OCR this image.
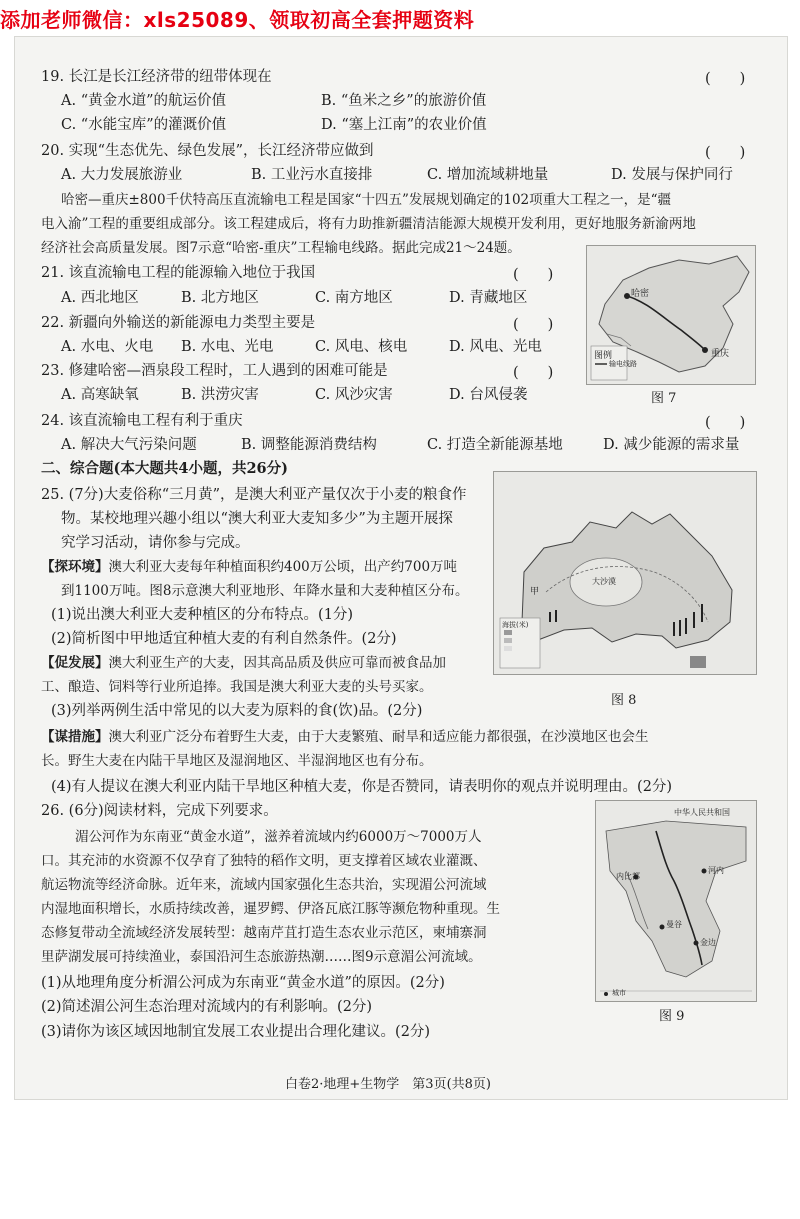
添加老师微信：xls25089、领取初高全套押题资料
19. 长江是长江经济带的纽带体现在	(　　)
A. “黄金水道”的航运价值	B. “鱼米之乡”的旅游价值
C. “水能宝库”的灌溉价值	D. “塞上江南”的农业价值
20. 实现“生态优先、绿色发展”，长江经济带应做到	(　　)
A. 大力发展旅游业	B. 工业污水直接排	C. 增加流域耕地量	D. 发展与保护同行
哈密—重庆±800千伏特高压直流输电工程是国家“十四五”发展规划确定的102项重大工程之一，是“疆
电入渝”工程的重要组成部分。该工程建成后，将有力助推新疆清洁能源大规模开发利用，更好地服务新渝两地
经济社会高质量发展。图7示意“哈密-重庆”工程输电线路。据此完成21～24题。
哈密
重庆
图例
输电线路
图 7
21. 该直流输电工程的能源输入地位于我国	(　　)
A. 西北地区	B. 北方地区	C. 南方地区	D. 青藏地区
22. 新疆向外输送的新能源电力类型主要是	(　　)
A. 水电、火电 B. 水电、光电	C. 风电、核电	D. 风电、光电
23. 修建哈密—酒泉段工程时，工人遇到的困难可能是	(　　)
A. 高寒缺氧	B. 洪涝灾害	C. 风沙灾害	D. 台风侵袭
24. 该直流输电工程有利于重庆	(　　)
A. 解决大气污染问题	B. 调整能源消费结构	C. 打造全新能源基地	D. 减少能源的需求量
二、综合题(本大题共4小题，共26分)
25. (7分)大麦俗称“三月黄”，是澳大利亚产量仅次于小麦的粮食作
物。某校地理兴趣小组以“澳大利亚大麦知多少”为主题开展探
究学习活动，请你参与完成。
【探环境】澳大利亚大麦每年种植面积约400万公顷，出产约700万吨
到1100万吨。图8示意澳大利亚地形、年降水量和大麦种植区分布。
(1)说出澳大利亚大麦种植区的分布特点。(1分)
(2)简析图中甲地适宜种植大麦的有利自然条件。(2分)
【促发展】澳大利亚生产的大麦，因其高品质及供应可靠而被食品加
工、酿造、饲料等行业所追捧。我国是澳大利亚大麦的头号买家。
(3)列举两例生活中常见的以大麦为原料的食(饮)品。(2分)
【谋措施】澳大利亚广泛分布着野生大麦，由于大麦繁殖、耐旱和适应能力都很强，在沙漠地区也会生
长。野生大麦在内陆干旱地区及湿润地区、半湿润地区也有分布。
(4)有人提议在澳大利亚内陆干旱地区种植大麦，你是否赞同，请表明你的观点并说明理由。(2分)
甲
大沙漠
海拔(米)
图 8
26. (6分)阅读材料，完成下列要求。
湄公河作为东南亚“黄金水道”，滋养着流域内约6000万～7000万人
口。其充沛的水资源不仅孕育了独特的稻作文明，更支撑着区域农业灌溉、
航运物流等经济命脉。近年来，流域内国家强化生态共治，实现湄公河流域
内湿地面积增长，水质持续改善，暹罗鳄、伊洛瓦底江豚等濒危物种重现。生
态修复带动全流域经济发展转型：越南芹苴打造生态农业示范区，柬埔寨洞
里萨湖发展可持续渔业，泰国沿河生态旅游热潮……图9示意湄公河流域。
(1)从地理角度分析湄公河成为东南亚“黄金水道”的原因。(2分)
(2)简述湄公河生态治理对流域内的有利影响。(2分)
(3)请你为该区域因地制宜发展工农业提出合理化建议。(2分)
中华人民共和国
河内
曼谷
金边
内比都
城市
图 9
白卷2·地理+生物学　第3页(共8页)
